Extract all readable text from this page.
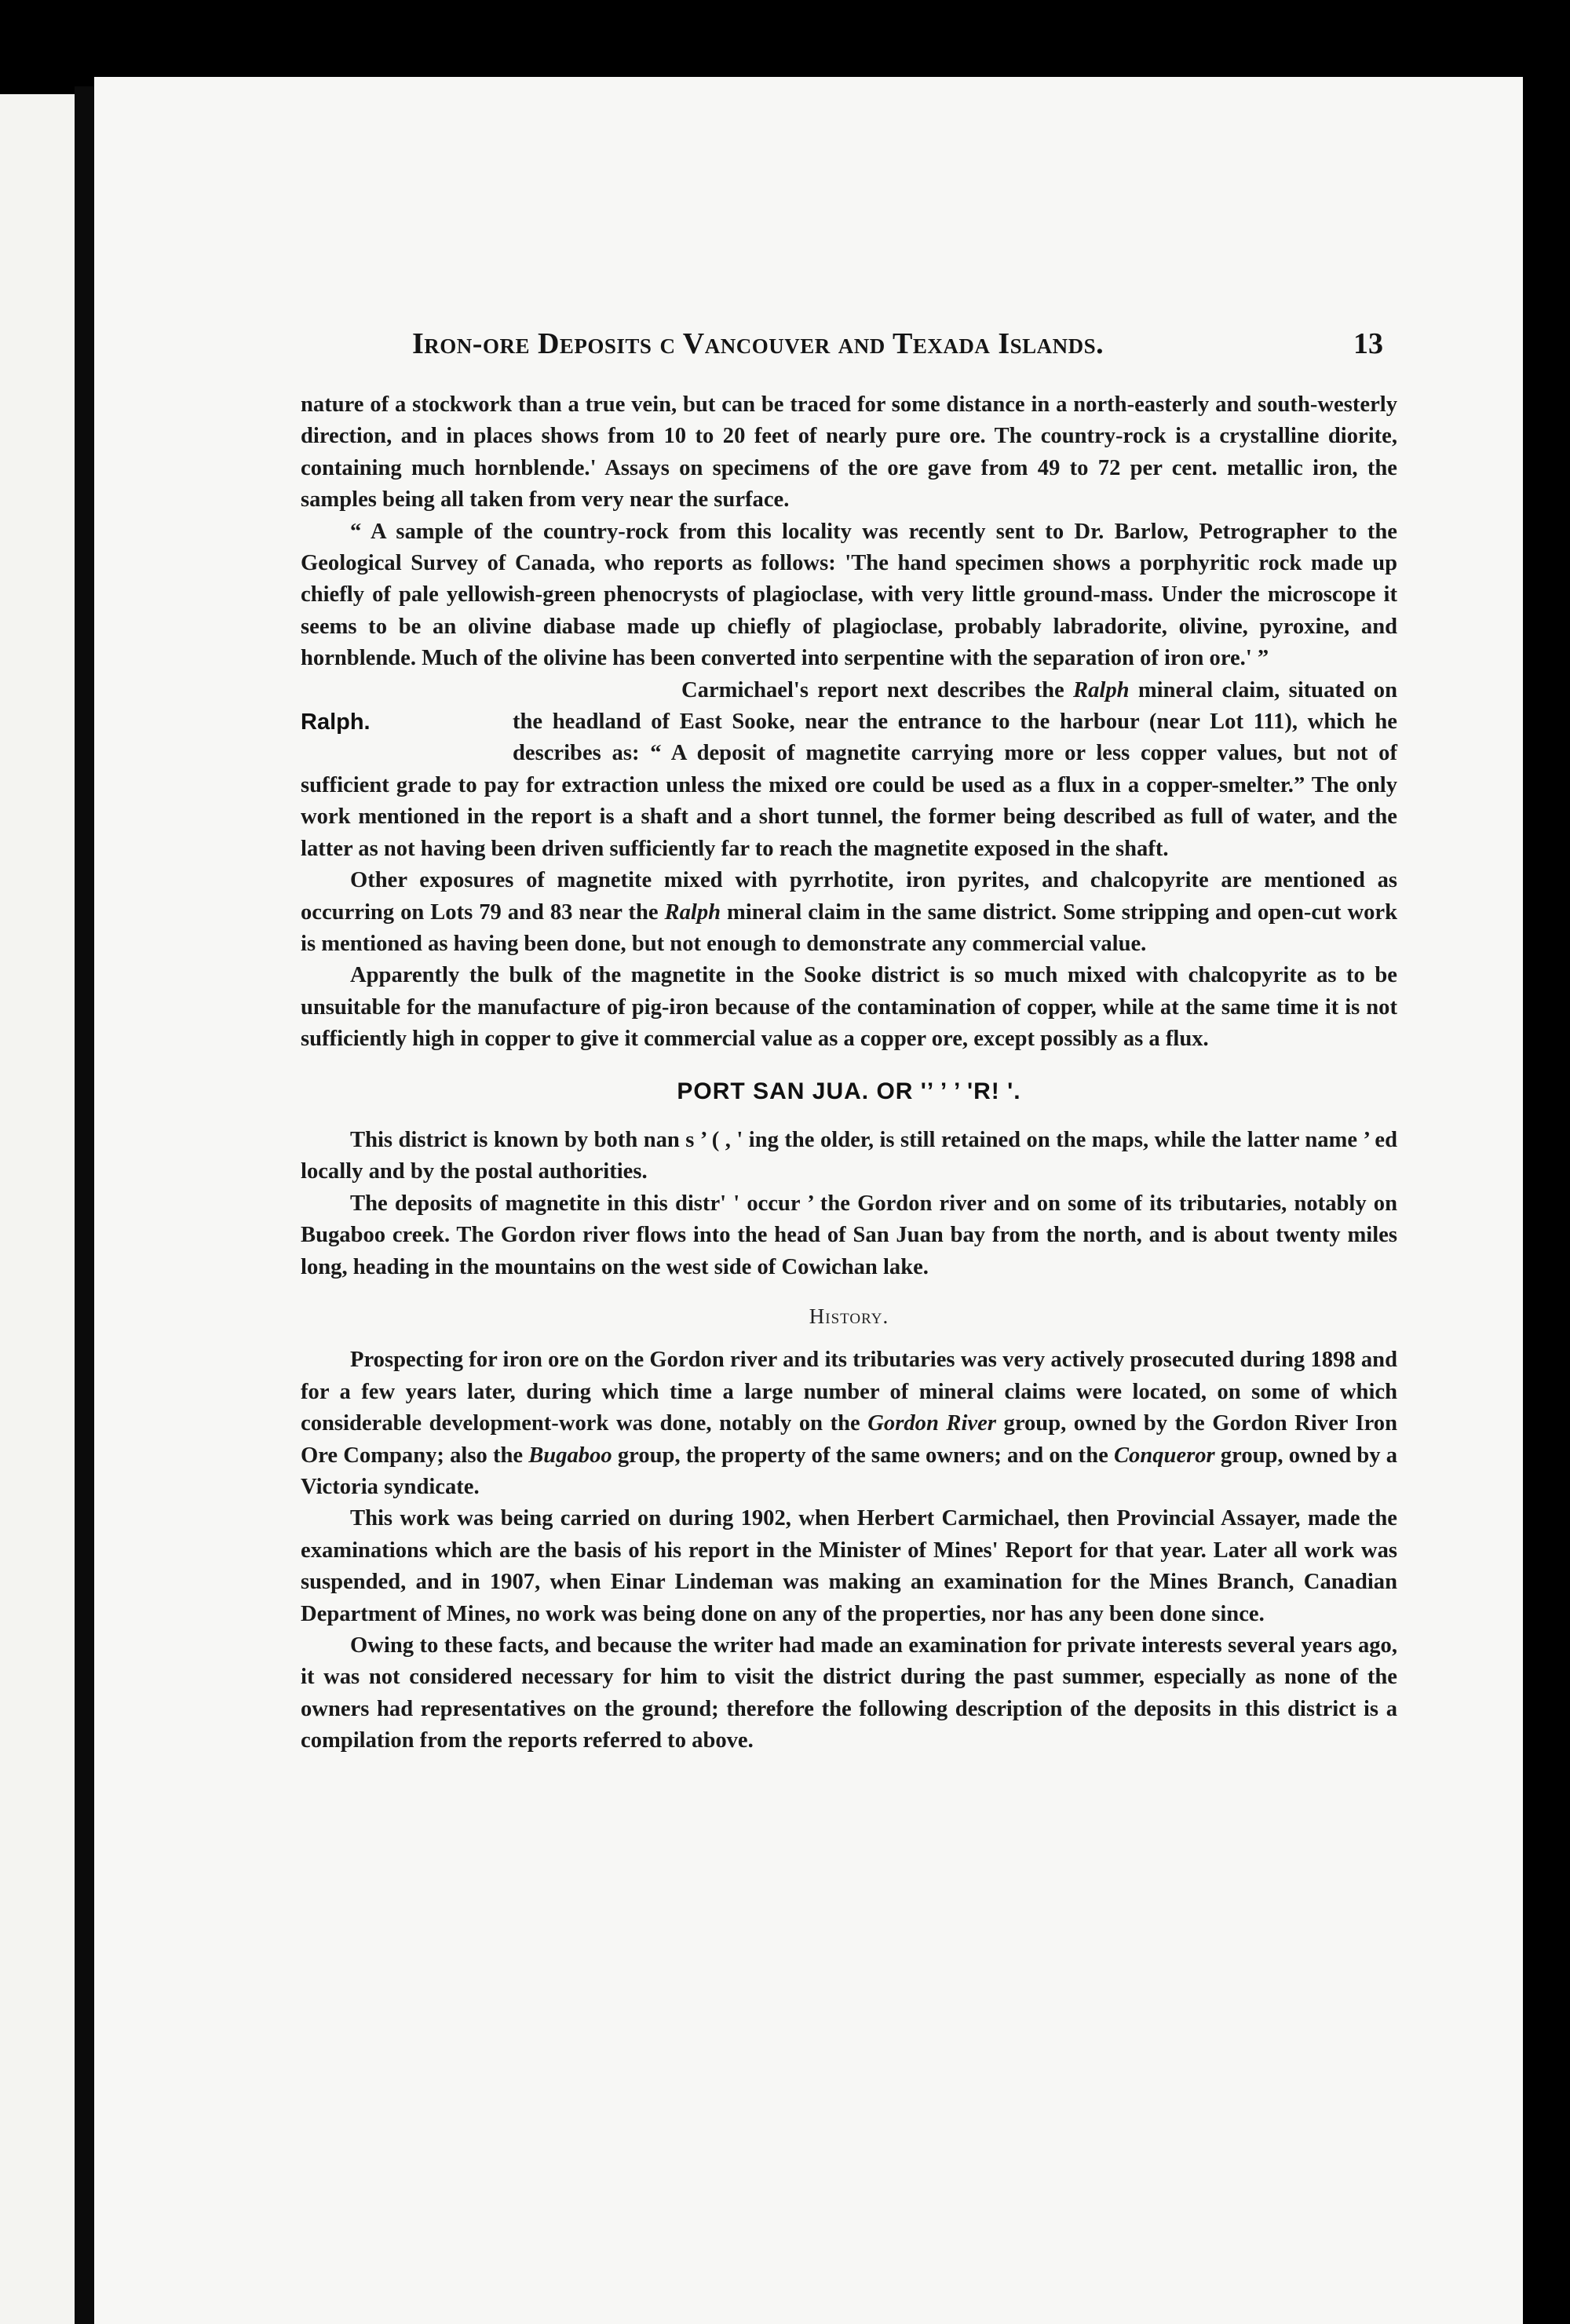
Iron-ore Deposits c Vancouver and Texada Islands.	13

nature of a stockwork than a true vein, but can be traced for some distance in a north-easterly and south-westerly direction, and in places shows from 10 to 20 feet of nearly pure ore. The country-rock is a crystalline diorite, containing much hornblende.' Assays on specimens of the ore gave from 49 to 72 per cent. metallic iron, the samples being all taken from very near the surface.

“ A sample of the country-rock from this locality was recently sent to Dr. Barlow, Petrographer to the Geological Survey of Canada, who reports as follows: 'The hand specimen shows a porphyritic rock made up chiefly of pale yellowish-green phenocrysts of plagioclase, with very little ground-mass. Under the microscope it seems to be an olivine diabase made up chiefly of plagioclase, probably labradorite, olivine, pyroxine, and hornblende. Much of the olivine has been converted into serpentine with the separation of iron ore.' ”

Ralph.

Carmichael's report next describes the Ralph mineral claim, situated on the headland of East Sooke, near the entrance to the harbour (near Lot 111), which he describes as: “ A deposit of magnetite carrying more or less copper values, but not of sufficient grade to pay for extraction unless the mixed ore could be used as a flux in a copper-smelter.” The only work mentioned in the report is a shaft and a short tunnel, the former being described as full of water, and the latter as not having been driven sufficiently far to reach the magnetite exposed in the shaft.

Other exposures of magnetite mixed with pyrrhotite, iron pyrites, and chalcopyrite are mentioned as occurring on Lots 79 and 83 near the Ralph mineral claim in the same district. Some stripping and open-cut work is mentioned as having been done, but not enough to demonstrate any commercial value.

Apparently the bulk of the magnetite in the Sooke district is so much mixed with chalcopyrite as to be unsuitable for the manufacture of pig-iron because of the contamination of copper, while at the same time it is not sufficiently high in copper to give it commercial value as a copper ore, except possibly as a flux.

PORT SAN JUA. OR '’ ’ ’ 'R! '.

This district is known by both nan s ’ ( , ' ing the older, is still retained on the maps, while the latter name ’ ed locally and by the postal authorities.

The deposits of magnetite in this distr' ' occur ’ the Gordon river and on some of its tributaries, notably on Bugaboo creek. The Gordon river flows into the head of San Juan bay from the north, and is about twenty miles long, heading in the mountains on the west side of Cowichan lake.

History.

Prospecting for iron ore on the Gordon river and its tributaries was very actively prosecuted during 1898 and for a few years later, during which time a large number of mineral claims were located, on some of which considerable development-work was done, notably on the Gordon River group, owned by the Gordon River Iron Ore Company; also the Bugaboo group, the property of the same owners; and on the Conqueror group, owned by a Victoria syndicate.

This work was being carried on during 1902, when Herbert Carmichael, then Provincial Assayer, made the examinations which are the basis of his report in the Minister of Mines' Report for that year. Later all work was suspended, and in 1907, when Einar Lindeman was making an examination for the Mines Branch, Canadian Department of Mines, no work was being done on any of the properties, nor has any been done since.

Owing to these facts, and because the writer had made an examination for private interests several years ago, it was not considered necessary for him to visit the district during the past summer, especially as none of the owners had representatives on the ground; therefore the following description of the deposits in this district is a compilation from the reports referred to above.
